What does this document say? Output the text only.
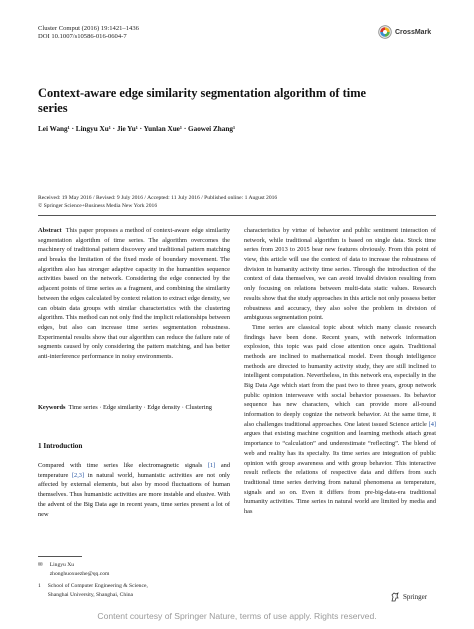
Cluster Comput (2016) 19:1421–1436
DOI 10.1007/s10586-016-0604-7
CrossMark
Context-aware edge similarity segmentation algorithm of time series
Lei Wang¹ · Lingyu Xu¹ · Jie Yu¹ · Yunlan Xue¹ · Gaowei Zhang¹
Received: 19 May 2016 / Revised: 9 July 2016 / Accepted: 11 July 2016 / Published online: 1 August 2016
© Springer Science+Business Media New York 2016

Abstract This paper proposes a method of context-aware edge similarity segmentation algorithm of time series. The algorithm overcomes the machinery of traditional pattern discovery and traditional pattern matching and breaks the limitation of the fixed mode of boundary movement. The algorithm also has stronger adaptive capacity in the humanities sequence activities based on the network. Considering the edge connected by the adjacent points of time series as a fragment, and combining the similarity between the edges calculated by context relation to extract edge density, we can obtain data groups with similar characteristics with the clustering algorithm. This method can not only find the implicit relationships between edges, but also can increase time series segmentation robustness. Experimental results show that our algorithm can reduce the failure rate of segments caused by only considering the pattern matching, and has better anti-interference performance in noisy environments.

Keywords Time series · Edge similarity · Edge density · Clustering
1 Introduction
Compared with time series like electromagnetic signals [1] and temperature [2,3] in natural world, humanistic activities are not only affected by external elements, but also by mood fluctuations of human themselves. Thus humanistic activities are more instable and elusive. With the advent of the Big Data age in recent years, time series present a lot of new
✉ Lingyu Xu
zhonghuoxuezhe@qq.com
1 School of Computer Engineering & Science,
Shanghai University, Shanghai, China

characteristics by virtue of behavior and public sentiment interaction of network, while traditional algorithm is based on single data. Stock time series from 2013 to 2015 bear new features obviously. From this point of view, this article will use the context of data to increase the robustness of division in humanity activity time series. Through the introduction of the context of data themselves, we can avoid invalid division resulting from only focusing on relations between multi-data static values. Research results show that the study approaches in this article not only possess better robustness and accuracy, they also solve the problem in division of ambiguous segmentation point.

Time series are classical topic about which many classic research findings have been done. Recent years, with network information explosion, this topic was paid close attention once again. Traditional methods are inclined to mathematical model. Even though intelligence methods are directed to humanity activity study, they are still inclined to intelligent computation. Nevertheless, in this network era, especially in the Big Data Age which start from the past two to three years, group network public opinion interweave with social behavior possesses. Its behavior sequence has new characters, which can provide more all-round information to deeply cognize the network behavior. At the same time, it also challenges traditional approaches. One latest issued Science article [4] argues that existing machine cognition and learning methods attach great importance to “calculation” and underestimate “reflecting”. The blend of web and reality has its specialty. Its time series are integration of public opinion with group awareness and with group behavior. This interactive result reflects the relations of respective data and differs from such traditional time series deriving from natural phenomena as temperature, signals and so on. Even it differs from pre-big-data-era traditional humanity activities. Time series in natural world are limited by media and has

Springer
Content courtesy of Springer Nature, terms of use apply. Rights reserved.
